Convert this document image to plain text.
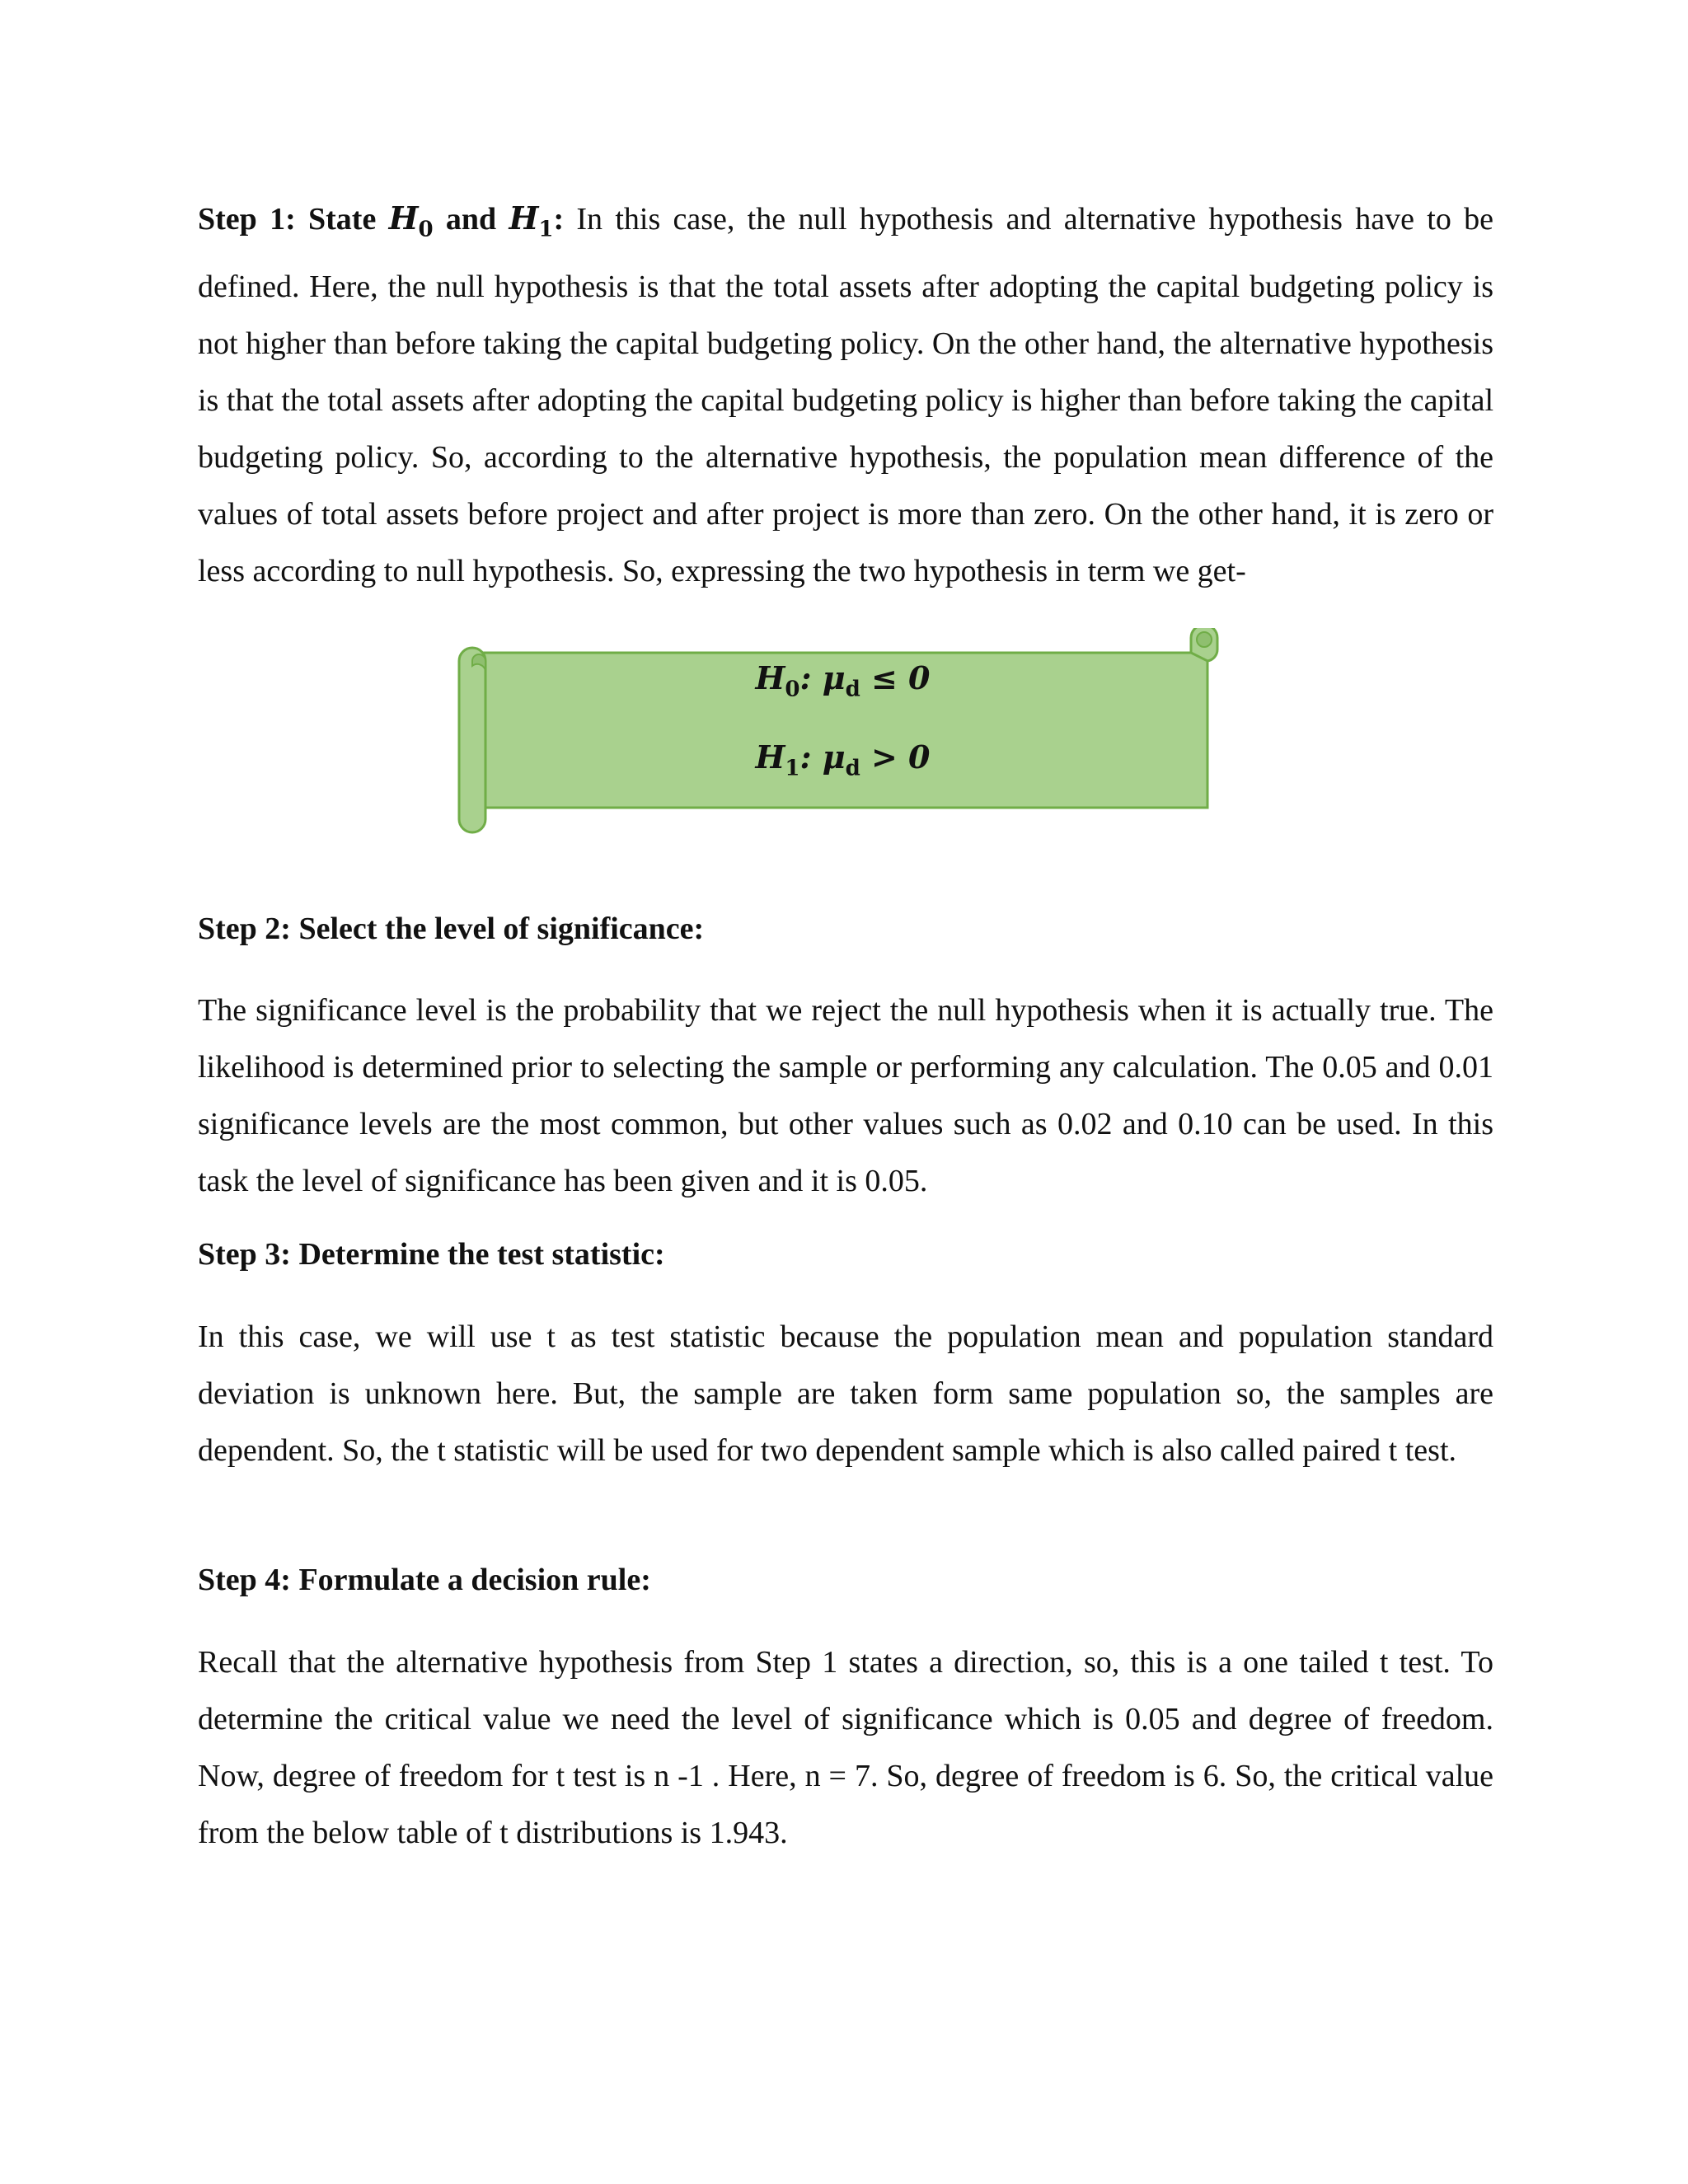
Step 1: State $H_0$ and $H_1$: In this case, the null hypothesis and alternative hypothesis have to be defined. Here, the null hypothesis is that the total assets after adopting the capital budgeting policy is not higher than before taking the capital budgeting policy. On the other hand, the alternative hypothesis is that the total assets after adopting the capital budgeting policy is higher than before taking the capital budgeting policy. So, according to the alternative hypothesis, the population mean difference of the values of total assets before project and after project is more than zero. On the other hand, it is zero or less according to null hypothesis. So, expressing the two hypothesis in term we get-

$H_0$: $\mu_d \le 0$
$H_1$: $\mu_d > 0$

Step 2: Select the level of significance:

The significance level is the probability that we reject the null hypothesis when it is actually true. The likelihood is determined prior to selecting the sample or performing any calculation. The 0.05 and 0.01 significance levels are the most common, but other values such as 0.02 and 0.10 can be used. In this task the level of significance has been given and it is 0.05.

Step 3: Determine the test statistic:

In this case, we will use t as test statistic because the population mean and population standard deviation is unknown here. But, the sample are taken form same population so, the samples are dependent. So, the t statistic will be used for two dependent sample which is also called paired t test.

Step 4: Formulate a decision rule:

Recall that the alternative hypothesis from Step 1 states a direction, so, this is a one tailed t test. To determine the critical value we need the level of significance which is 0.05 and degree of freedom. Now, degree of freedom for t test is n -1 . Here, n = 7. So, degree of freedom is 6. So, the critical value from the below table of t distributions is 1.943.
